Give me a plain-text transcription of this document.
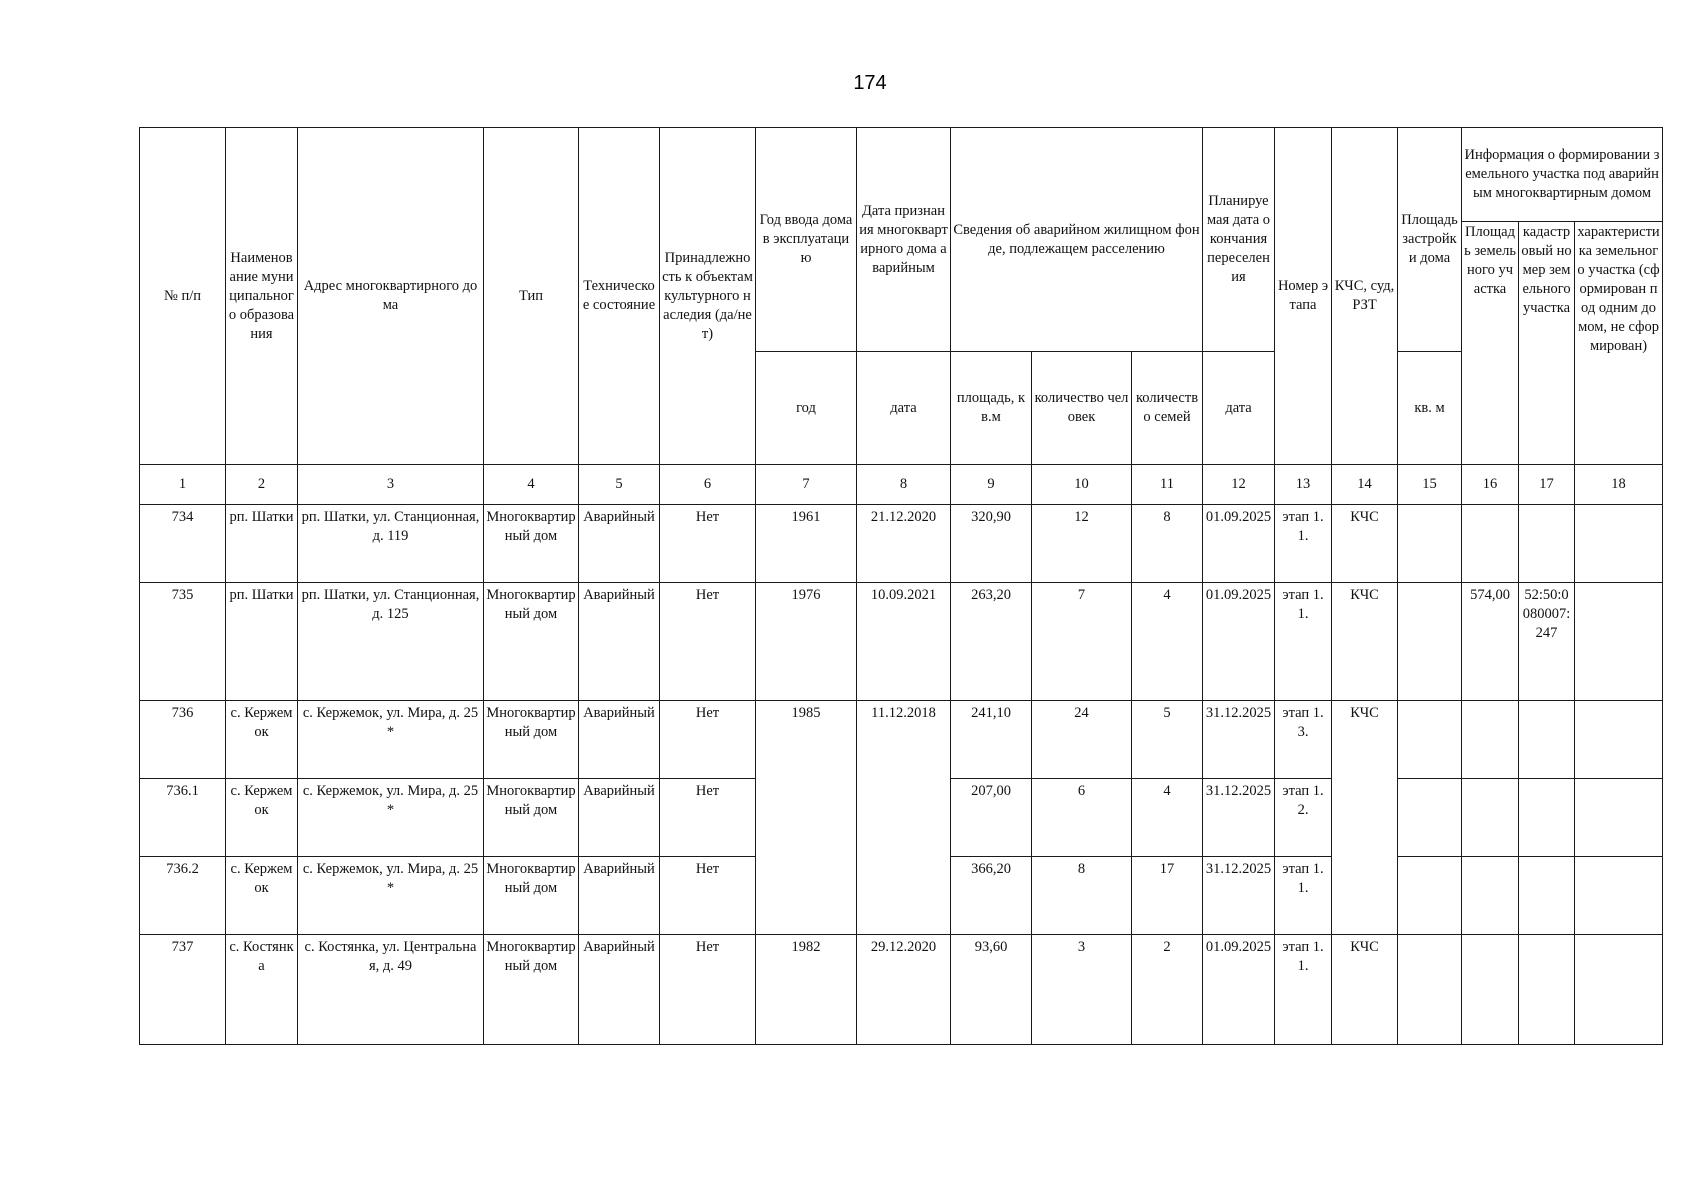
174
№ п/п	Наименование муниципального образования	Адрес многоквартирного дома	Тип	Техническое состояние	Принадлежность к объектам культурного наследия (да/нет)	Год ввода дома в эксплуатацию	Дата признания многоквартирного дома аварийным	Сведения об аварийном жилищном фонде, подлежащем расселению			Планируемая дата окончания переселения	Номер этапа	КЧС, суд, РЗТ	Площадь застройки дома	Информация о формировании земельного участка под аварийным многоквартирным домом		
															Площадь земельного участка	кадастровый номер земельного участка	характеристика земельного участка (сформирован под одним домом, не сформирован)
						год	дата	площадь, кв.м	количество человек	количество семей	дата			кв. м			
1	2	3	4	5	6	7	8	9	10	11	12	13	14	15	16	17	18
734	рп. Шатки	рп. Шатки, ул. Станционная, д. 119	Многоквартирный дом	Аварийный	Нет	1961	21.12.2020	320,90	12	8	01.09.2025	этап 1.1.	КЧС				
735	рп. Шатки	рп. Шатки, ул. Станционная, д. 125	Многоквартирный дом	Аварийный	Нет	1976	10.09.2021	263,20	7	4	01.09.2025	этап 1.1.	КЧС		574,00	52:50:0080007:247	
736	с. Кержемок	с. Кержемок, ул. Мира, д. 25*	Многоквартирный дом	Аварийный	Нет	1985	11.12.2018	241,10	24	5	31.12.2025	этап 1.3.	КЧС				
736.1	с. Кержемок	с. Кержемок, ул. Мира, д. 25*	Многоквартирный дом	Аварийный	Нет			207,00	6	4	31.12.2025	этап 1.2.					
736.2	с. Кержемок	с. Кержемок, ул. Мира, д. 25*	Многоквартирный дом	Аварийный	Нет			366,20	8	17	31.12.2025	этап 1.1.					
737	с. Костянка	с. Костянка, ул. Центральная, д. 49	Многоквартирный дом	Аварийный	Нет	1982	29.12.2020	93,60	3	2	01.09.2025	этап 1.1.	КЧС				
